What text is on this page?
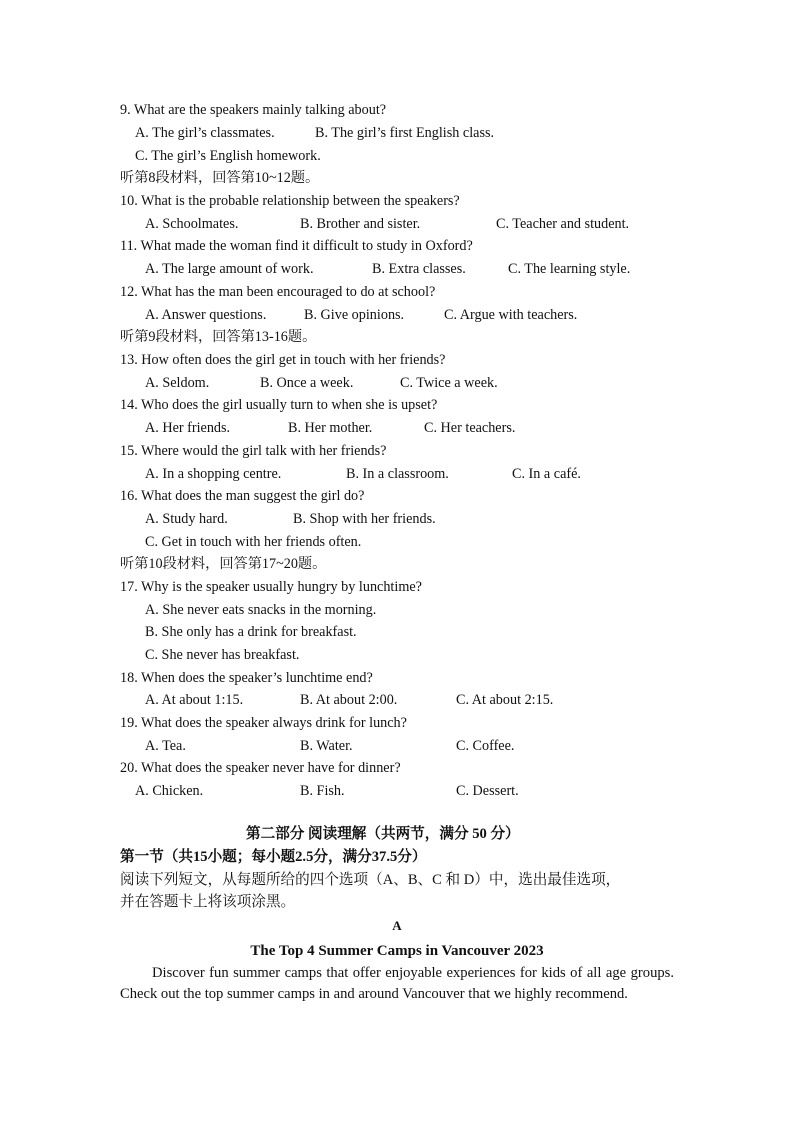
9. What are the speakers mainly talking about?
A. The girl’s classmates.	B. The girl’s first English class.
C. The girl’s English homework.
听第8段材料，回答第10~12题。
10. What is the probable relationship between the speakers?
A. Schoolmates.	B. Brother and sister.	C. Teacher and student.
11. What made the woman find it difficult to study in Oxford?
A. The large amount of work.	B. Extra classes.	C. The learning style.
12. What has the man been encouraged to do at school?
A. Answer questions.	B. Give opinions.	C. Argue with teachers.
听第9段材料，回答第13-16题。
13. How often does the girl get in touch with her friends?
A. Seldom.	B. Once a week.	C. Twice a week.
14. Who does the girl usually turn to when she is upset?
A. Her friends.	B. Her mother.	C. Her teachers.
15. Where would the girl talk with her friends?
A. In a shopping centre.	B. In a classroom.	C. In a café.
16. What does the man suggest the girl do?
A. Study hard.	B. Shop with her friends.
C. Get in touch with her friends often.
听第10段材料，回答第17~20题。
17. Why is the speaker usually hungry by lunchtime?
A. She never eats snacks in the morning.
B. She only has a drink for breakfast.
C. She never has breakfast.
18. When does the speaker’s lunchtime end?
A. At about 1:15.	B. At about 2:00.	C. At about 2:15.
19. What does the speaker always drink for lunch?
A. Tea.	B. Water.	C. Coffee.
20. What does the speaker never have for dinner?
A. Chicken.	B. Fish.	C. Dessert.
第二部分 阅读理解（共两节，满分 50 分）
第一节（共15小题；每小题2.5分，满分37.5分）
阅读下列短文，从每题所给的四个选项（A、B、C 和 D）中，选出最佳选项，
并在答题卡上将该项涂黑。
A
The Top 4 Summer Camps in Vancouver 2023
Discover fun summer camps that offer enjoyable experiences for kids of all age groups. Check out the top summer camps in and around Vancouver that we highly recommend.
